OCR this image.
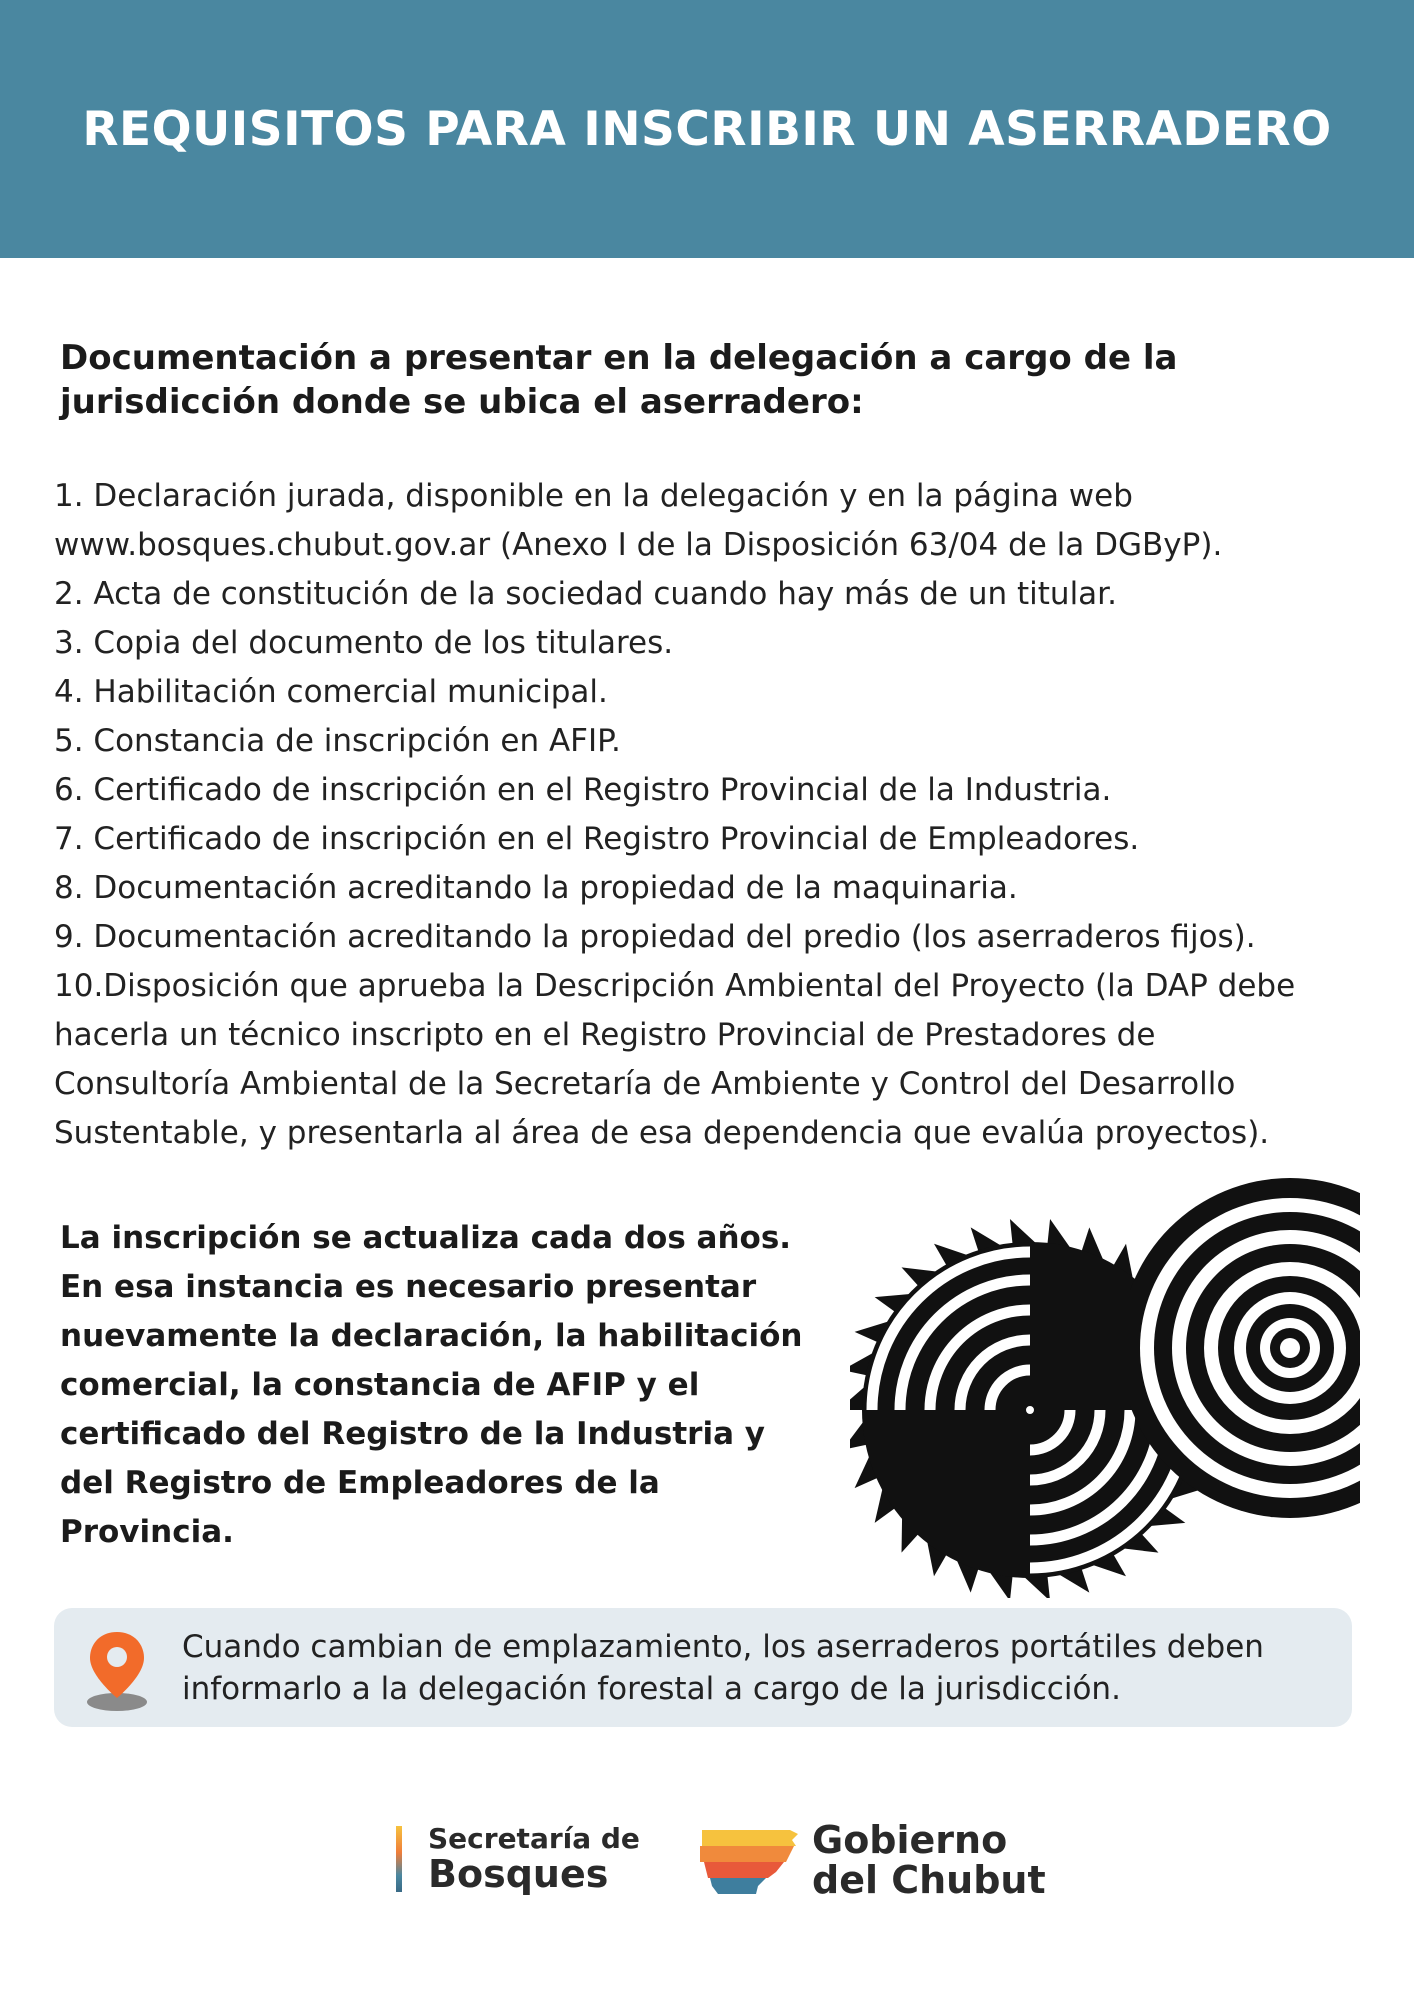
REQUISITOS PARA INSCRIBIR UN ASERRADERO

Documentación a presentar en la delegación a cargo de la
jurisdicción donde se ubica el aserradero:

1. Declaración jurada, disponible en la delegación y en la página web
www.bosques.chubut.gov.ar (Anexo I de la Disposición 63/04 de la DGByP).
2. Acta de constitución de la sociedad cuando hay más de un titular.
3. Copia del documento de los titulares.
4. Habilitación comercial municipal.
5. Constancia de inscripción en AFIP.
6. Certificado de inscripción en el Registro Provincial de la Industria.
7. Certificado de inscripción en el Registro Provincial de Empleadores.
8. Documentación acreditando la propiedad de la maquinaria.
9. Documentación acreditando la propiedad del predio (los aserraderos fijos).
10.Disposición que aprueba la Descripción Ambiental del Proyecto (la DAP debe
hacerla un técnico inscripto en el Registro Provincial de Prestadores de
Consultoría Ambiental de la Secretaría de Ambiente y Control del Desarrollo
Sustentable, y presentarla al área de esa dependencia que evalúa proyectos).

La inscripción se actualiza cada dos años.
En esa instancia es necesario presentar
nuevamente la declaración, la habilitación
comercial, la constancia de AFIP y el
certificado del Registro de la Industria y
del Registro de Empleadores de la
Provincia.

Cuando cambian de emplazamiento, los aserraderos portátiles deben
informarlo a la delegación forestal a cargo de la jurisdicción.
Secretaría de
Bosques
Gobierno
del Chubut
